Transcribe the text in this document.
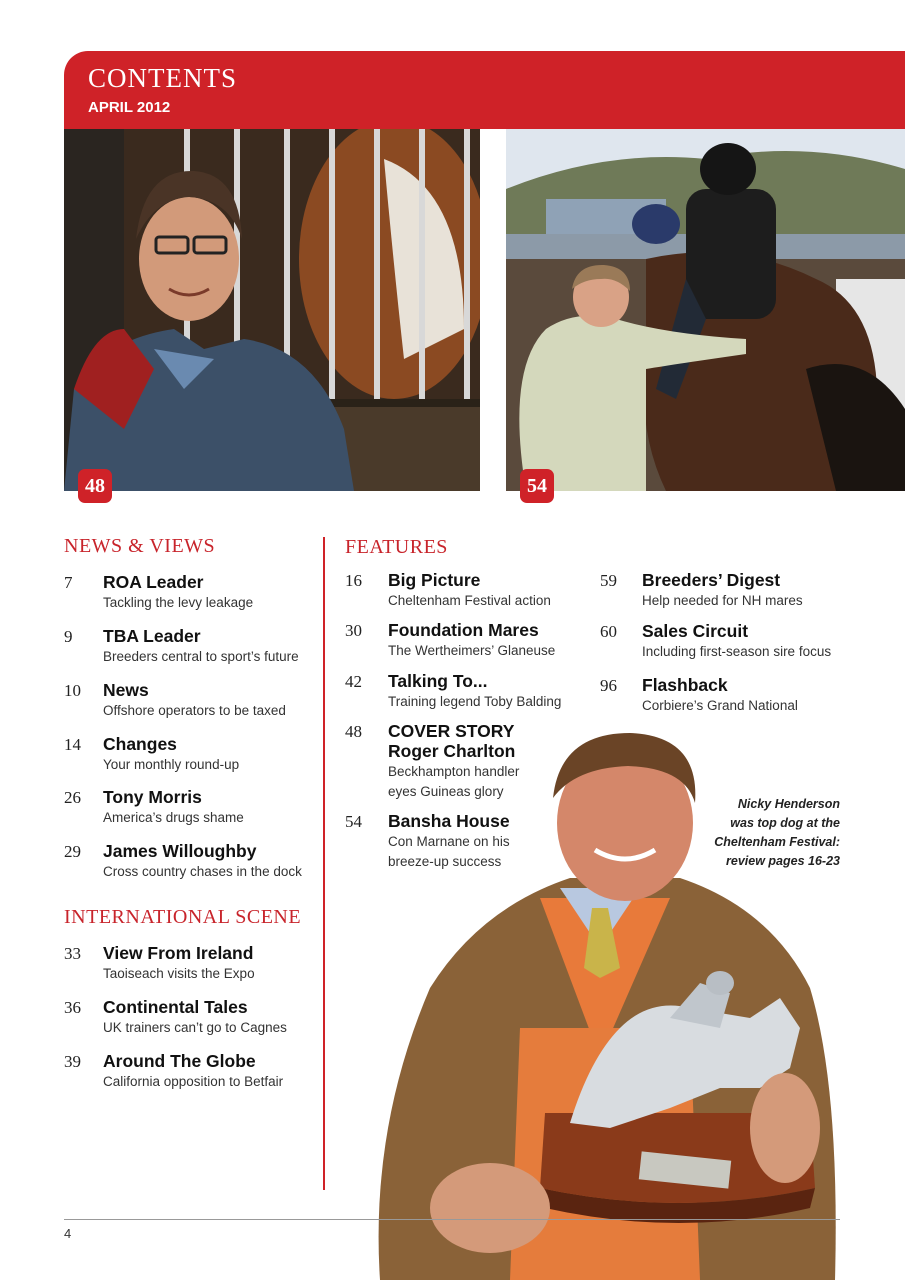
CONTENTS
APRIL 2012
48	54
Nicky Henderson
was top dog at the
Cheltenham Festival:
review pages 16-23
NEWS & VIEWS
7 ROA Leader
Tackling the levy leakage
9 TBA Leader
Breeders central to sport’s future
10 News
Offshore operators to be taxed
14 Changes
Your monthly round-up
26 Tony Morris
America’s drugs shame
29 James Willoughby
Cross country chases in the dock
INTERNATIONAL SCENE
33 View From Ireland
Taoiseach visits the Expo
36 Continental Tales
UK trainers can’t go to Cagnes
39 Around The Globe
California opposition to Betfair
FEATURES
16 Big Picture
Cheltenham Festival action
30 Foundation Mares
The Wertheimers’ Glaneuse
42 Talking To...
Training legend Toby Balding
48 COVER STORY
Roger Charlton
Beckhampton handler
eyes Guineas glory
54 Bansha House
Con Marnane on his
breeze-up success
59 Breeders’ Digest
Help needed for NH mares
60 Sales Circuit
Including first-season sire focus
96 Flashback
Corbiere’s Grand National
4
